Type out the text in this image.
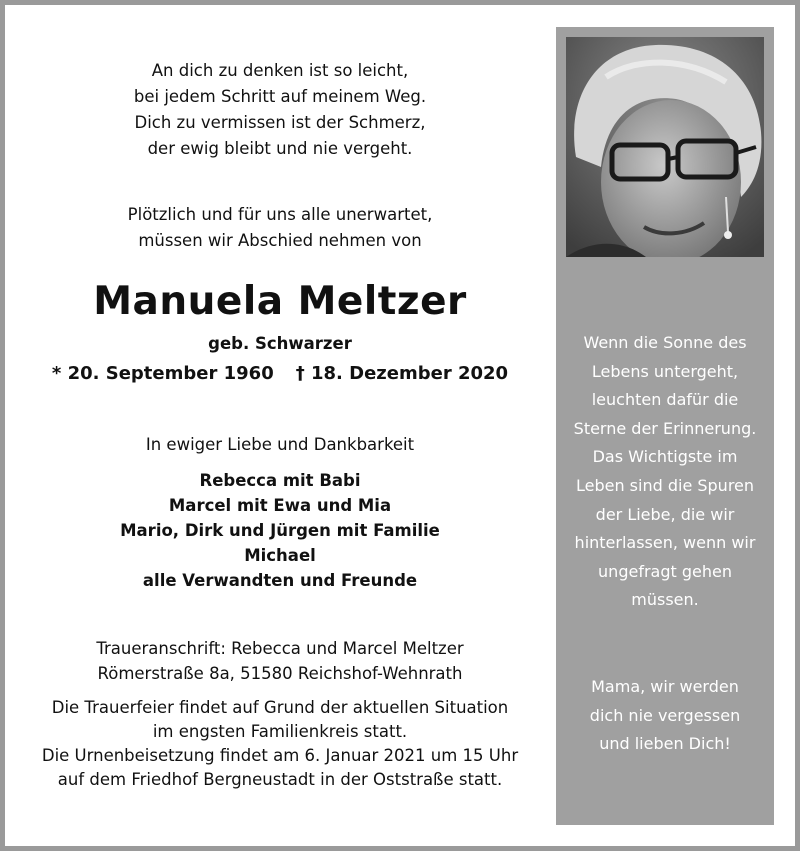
An dich zu denken ist so leicht,
bei jedem Schritt auf meinem Weg.
Dich zu vermissen ist der Schmerz,
der ewig bleibt und nie vergeht.
Plötzlich und für uns alle unerwartet,
müssen wir Abschied nehmen von
Manuela Meltzer
geb. Schwarzer
* 20. September 1960 † 18. Dezember 2020
In ewiger Liebe und Dankbarkeit
Rebecca mit Babi
Marcel mit Ewa und Mia
Mario, Dirk und Jürgen mit Familie
Michael
alle Verwandten und Freunde
Traueranschrift: Rebecca und Marcel Meltzer
Römerstraße 8a, 51580 Reichshof-Wehnrath
Die Trauerfeier findet auf Grund der aktuellen Situation
im engsten Familienkreis statt.
Die Urnenbeisetzung findet am 6. Januar 2021 um 15 Uhr
auf dem Friedhof Bergneustadt in der Oststraße statt.
Wenn die Sonne des
Lebens untergeht,
leuchten dafür die
Sterne der Erinnerung.
Das Wichtigste im
Leben sind die Spuren
der Liebe, die wir
hinterlassen, wenn wir
ungefragt gehen
müssen.
Mama, wir werden
dich nie vergessen
und lieben Dich!
